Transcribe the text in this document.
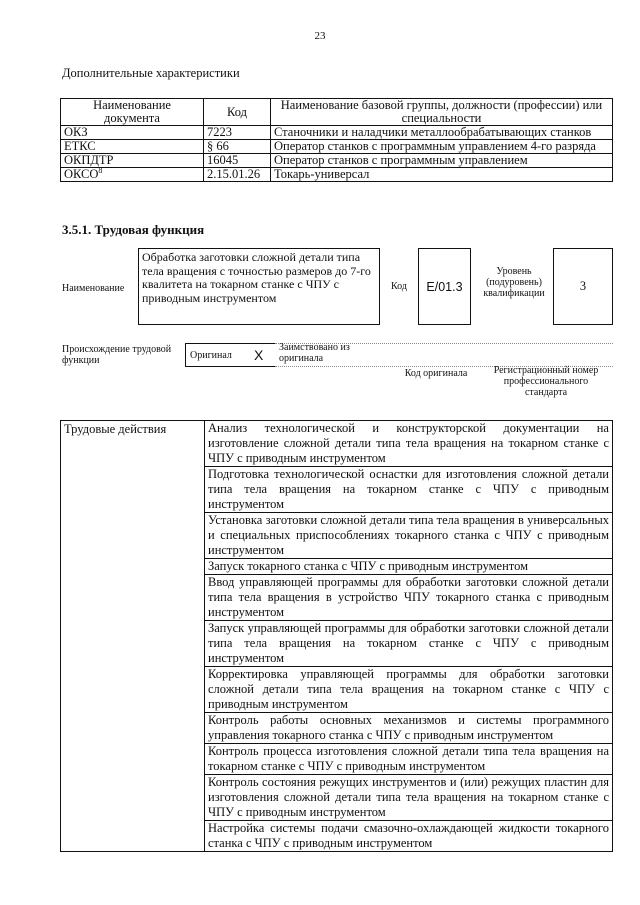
23
Дополнительные характеристики
Наименование документа	Код	Наименование базовой группы, должности (профессии) или специальности
ОКЗ	7223	Станочники и наладчики металлообрабатывающих станков
ЕТКС	§ 66	Оператор станков с программным управлением 4-го разряда
ОКПДТР	16045	Оператор станков с программным управлением
ОКСО$^8$	2.15.01.26	Токарь-универсал
3.5.1. Трудовая функция
Наименование
Обработка заготовки сложной детали типа тела вращения с точностью размеров до 7-го квалитета на токарном станке с ЧПУ с приводным инструментом
Код	E/01.3
Уровень (подуровень) квалификации
3
Происхождение трудовой функции	Оригинал X Заимствовано из оригинала
Код оригинала	Регистрационный номер профессионального стандарта
Трудовые действия	Анализ технологической и конструкторской документации на изготовление сложной детали типа тела вращения на токарном станке с ЧПУ с приводным инструментом
Подготовка технологической оснастки для изготовления сложной детали типа тела вращения на токарном станке с ЧПУ с приводным инструментом
Установка заготовки сложной детали типа тела вращения в универсальных и специальных приспособлениях токарного станка с ЧПУ с приводным инструментом
Запуск токарного станка с ЧПУ с приводным инструментом
Ввод управляющей программы для обработки заготовки сложной детали типа тела вращения в устройство ЧПУ токарного станка с приводным инструментом
Запуск управляющей программы для обработки заготовки сложной детали типа тела вращения на токарном станке с ЧПУ с приводным инструментом
Корректировка управляющей программы для обработки заготовки сложной детали типа тела вращения на токарном станке с ЧПУ с приводным инструментом
Контроль работы основных механизмов и системы программного управления токарного станка с ЧПУ с приводным инструментом
Контроль процесса изготовления сложной детали типа тела вращения на токарном станке с ЧПУ с приводным инструментом
Контроль состояния режущих инструментов и (или) режущих пластин для изготовления сложной детали типа тела вращения на токарном станке с ЧПУ с приводным инструментом
Настройка системы подачи смазочно-охлаждающей жидкости токарного станка с ЧПУ с приводным инструментом
